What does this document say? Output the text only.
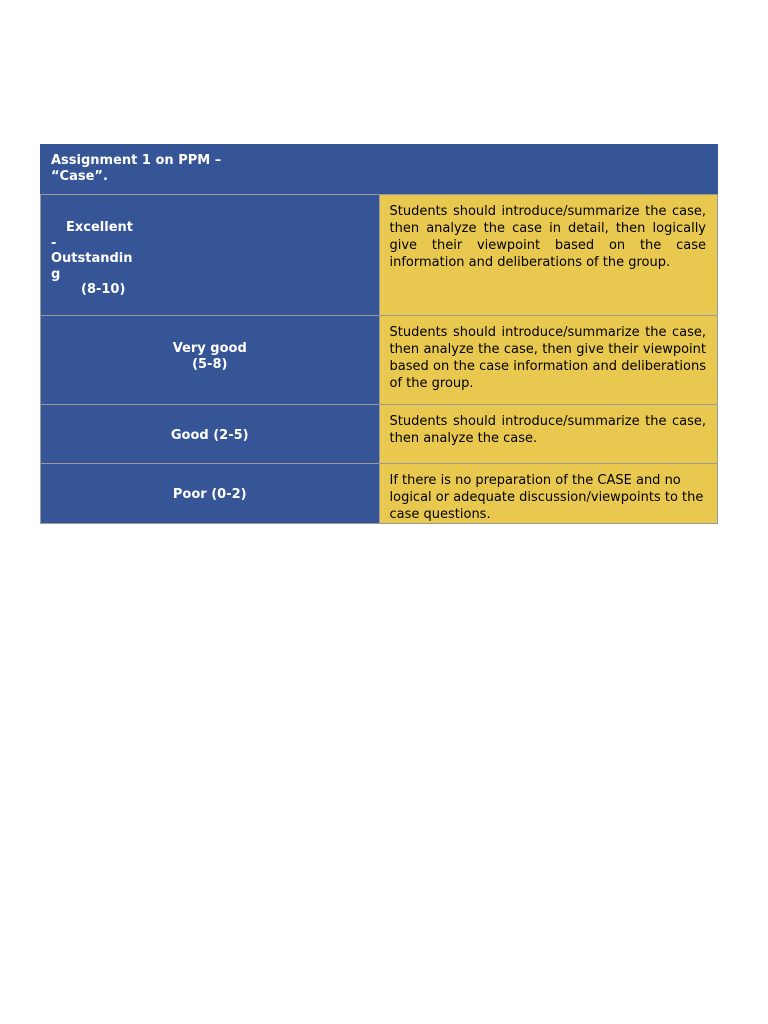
Assignment 1 on PPM –
“Case”.	

Excellent
-
Outstandin
g
(8-10)	Students should introduce/summarize the case, then analyze the case in detail, then logically give their viewpoint based on the case information and deliberations of the group.

Very good
(5-8)	Students should introduce/summarize the case, then analyze the case, then give their viewpoint based on the case information and deliberations of the group.

Good (2-5)	Students should introduce/summarize the case, then analyze the case.

Poor (0-2)	If there is no preparation of the CASE and no logical or adequate discussion/viewpoints to the case questions.
